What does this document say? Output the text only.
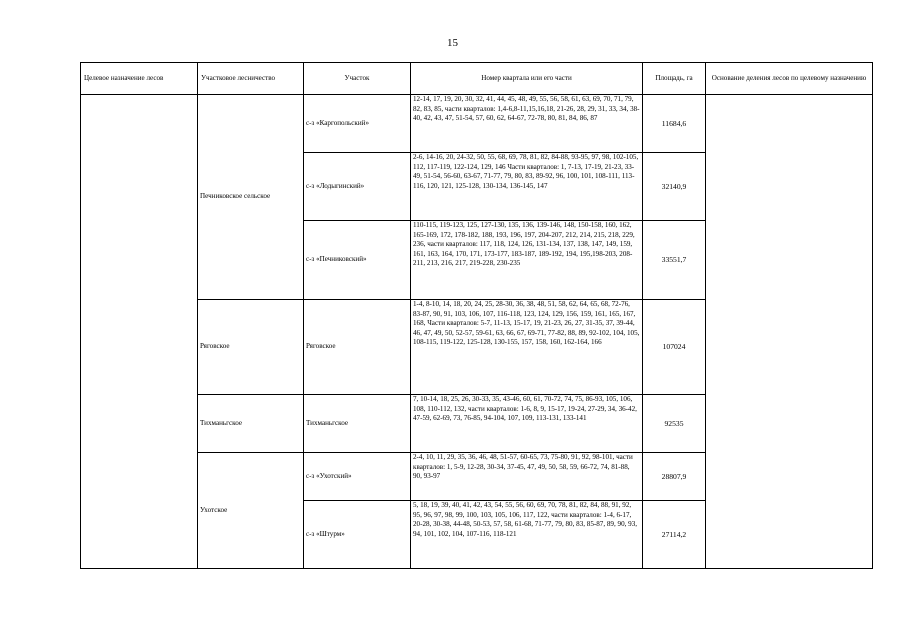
15
Целевое назначение лесов	Участковое лесничество	Участок	Номер квартала или его части	Площадь, га	Основание деления лесов по целевому назначению
	Печниковское сельское	с-з «Каргопольский»	12-14, 17, 19, 20, 30, 32, 41, 44, 45, 48, 49, 55, 56, 58, 61, 63, 69, 70, 71, 79, 82, 83, 85, части кварталов: 1,4-6,8-11,15,16,18, 21-26, 28, 29, 31, 33, 34, 38-40, 42, 43, 47, 51-54, 57, 60, 62, 64-67, 72-78, 80, 81, 84, 86, 87	11684,6	
		с-з «Лодыгинский»	2-6, 14-16, 20, 24-32, 50, 55, 68, 69, 78, 81, 82, 84-88, 93-95, 97, 98, 102-105, 112, 117-119, 122-124, 129, 146 Части кварталов: 1, 7-13, 17-19, 21-23, 33-49, 51-54, 56-60, 63-67, 71-77, 79, 80, 83, 89-92, 96, 100, 101, 108-111, 113-116, 120, 121, 125-128, 130-134, 136-145, 147	32140,9	
		с-з «Печниковский»	110-115, 119-123, 125, 127-130, 135, 136, 139-146, 148, 150-158, 160, 162, 165-169, 172, 178-182, 188, 193, 196, 197, 204-207, 212, 214, 215, 218, 229, 236, части кварталов: 117, 118, 124, 126, 131-134, 137, 138, 147, 149, 159, 161, 163, 164, 170, 171, 173-177, 183-187, 189-192, 194, 195,198-203, 208-211, 213, 216, 217, 219-228, 230-235	33551,7	
	Ряговское	Ряговское	1-4, 8-10, 14, 18, 20, 24, 25, 28-30, 36, 38, 48, 51, 58, 62, 64, 65, 68, 72-76, 83-87, 90, 91, 103, 106, 107, 116-118, 123, 124, 129, 156, 159, 161, 165, 167, 168, Части кварталов: 5-7, 11-13, 15-17, 19, 21-23, 26, 27, 31-35, 37, 39-44, 46, 47, 49, 50, 52-57, 59-61, 63, 66, 67, 69-71, 77-82, 88, 89, 92-102, 104, 105, 108-115, 119-122, 125-128, 130-155, 157, 158, 160, 162-164, 166	107024	
	Тихманьгское	Тихманьгское	7, 10-14, 18, 25, 26, 30-33, 35, 43-46, 60, 61, 70-72, 74, 75, 86-93, 105, 106, 108, 110-112, 132, части кварталов: 1-6, 8, 9, 15-17, 19-24, 27-29, 34, 36-42, 47-59, 62-69, 73, 76-85, 94-104, 107, 109, 113-131, 133-141	92535	
	Ухотское	с-з «Ухотский»	2-4, 10, 11, 29, 35, 36, 46, 48, 51-57, 60-65, 73, 75-80, 91, 92, 98-101, части кварталов: 1, 5-9, 12-28, 30-34, 37-45, 47, 49, 50, 58, 59, 66-72, 74, 81-88, 90, 93-97	28807,9	
		с-з «Штурм»	5, 18, 19, 39, 40, 41, 42, 43, 54, 55, 56, 60, 69, 70, 78, 81, 82, 84, 88, 91, 92, 95, 96, 97, 98, 99, 100, 103, 105, 106, 117, 122, части кварталов: 1-4, 6-17, 20-28, 30-38, 44-48, 50-53, 57, 58, 61-68, 71-77, 79, 80, 83, 85-87, 89, 90, 93, 94, 101, 102, 104, 107-116, 118-121	27114,2	
